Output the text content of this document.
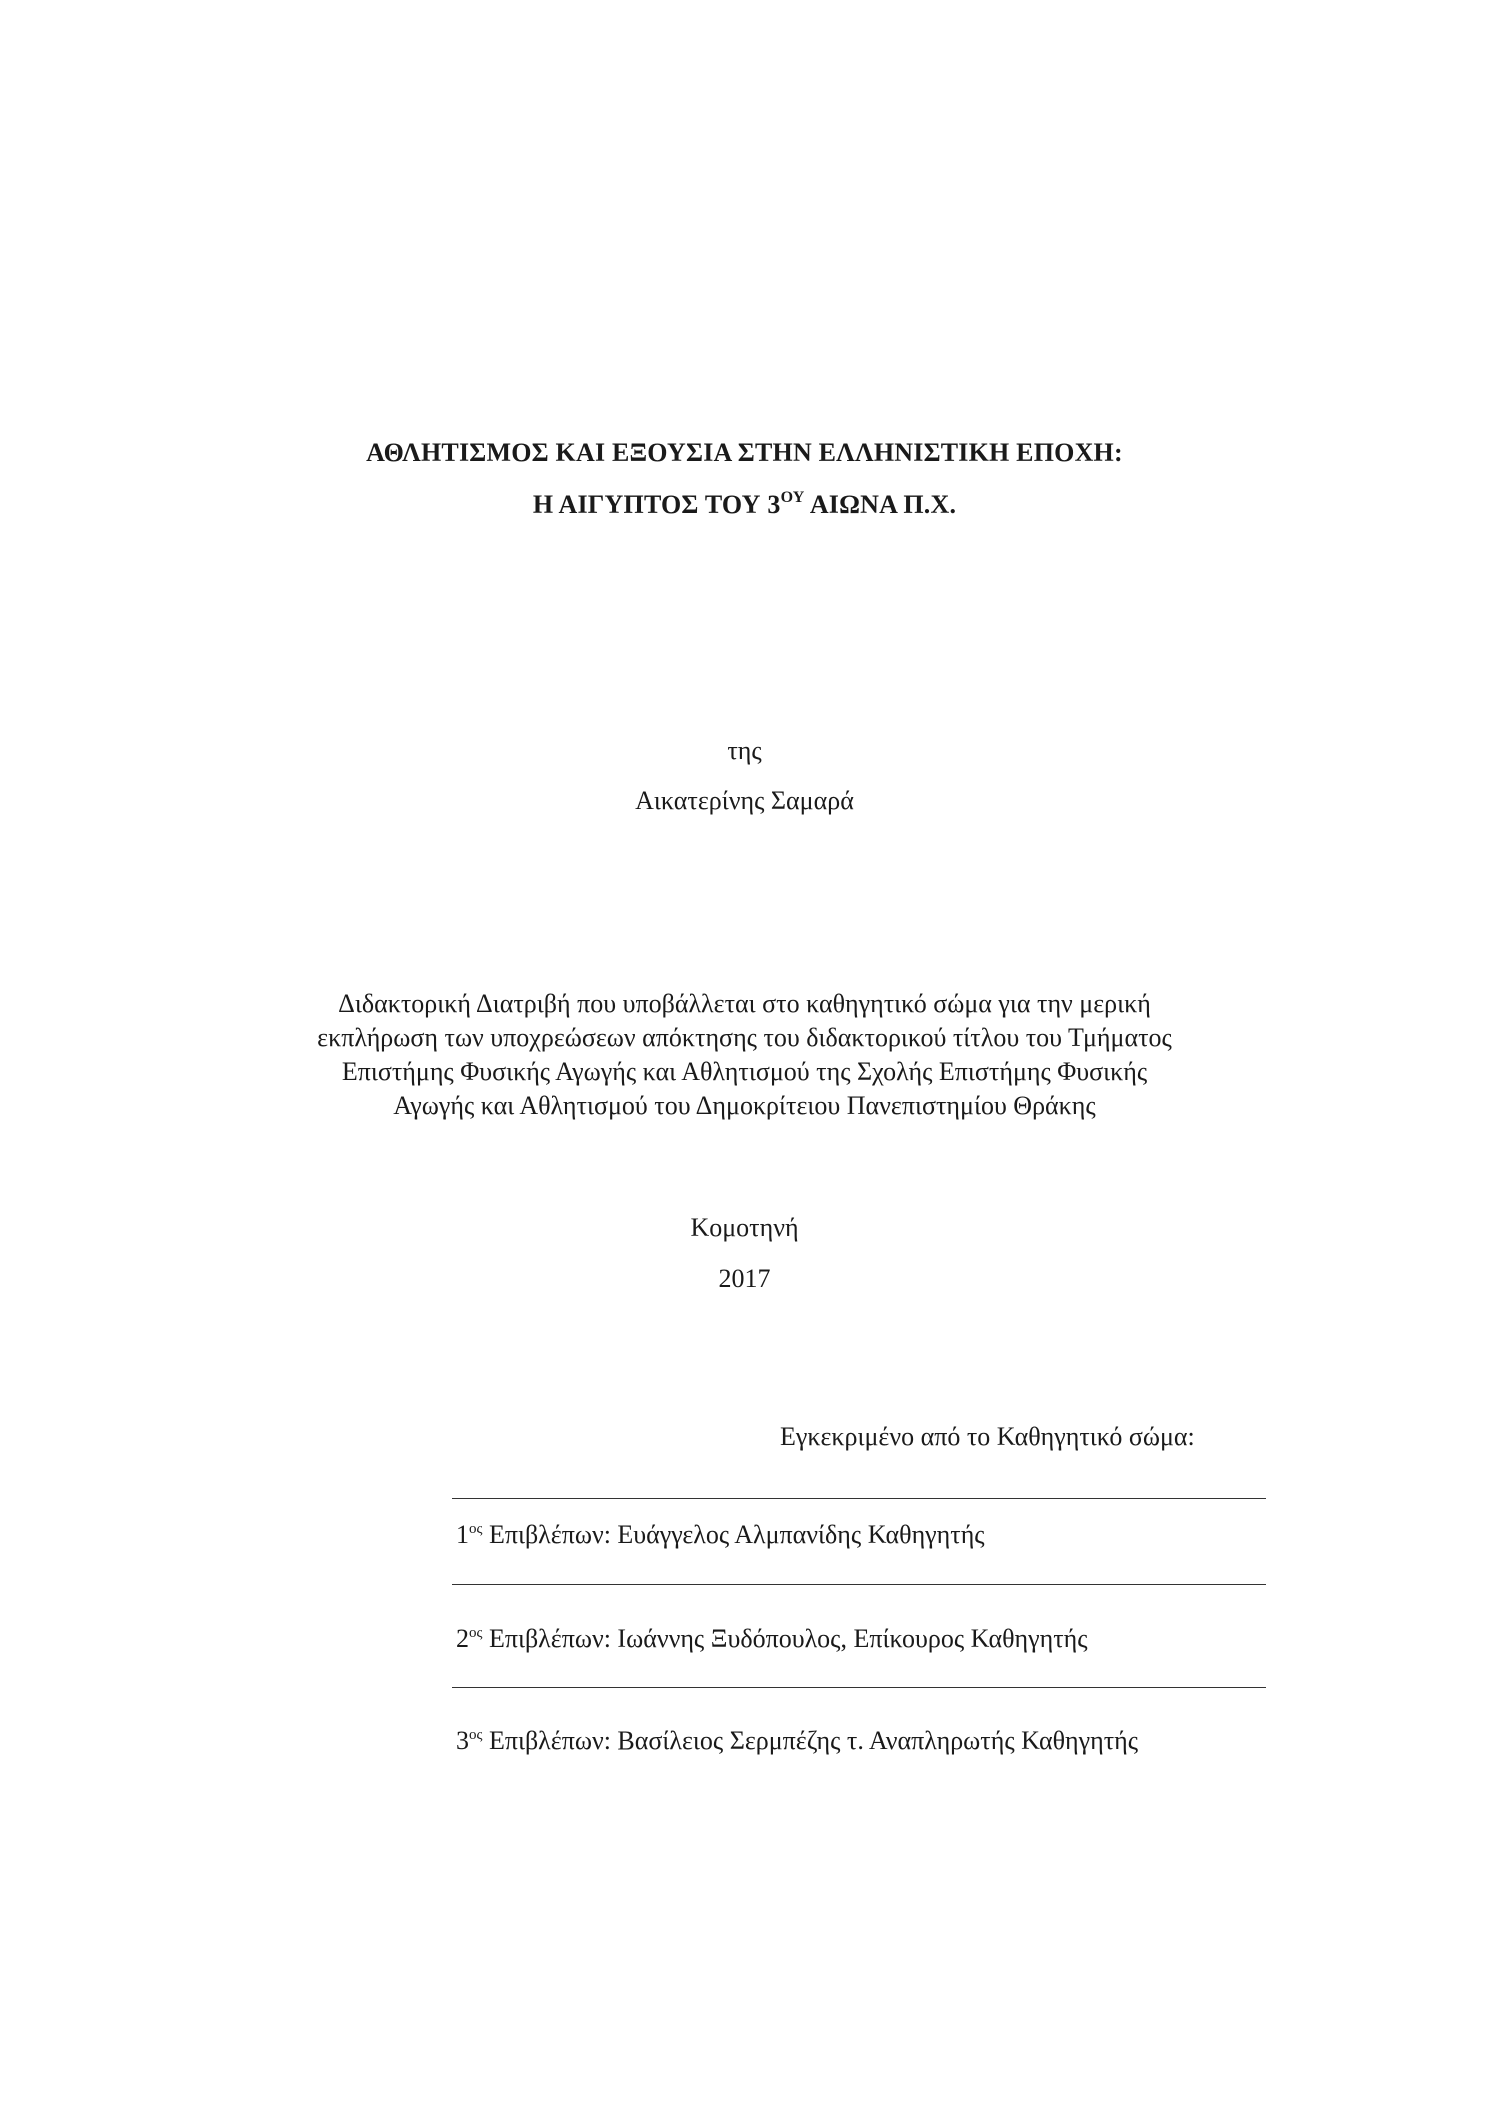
ΑΘΛΗΤΙΣΜΟΣ ΚΑΙ ΕΞΟΥΣΙΑ ΣΤΗΝ ΕΛΛΗΝΙΣΤΙΚΗ ΕΠΟΧΗ:
Η ΑΙΓΥΠΤΟΣ ΤΟΥ $3^{O\Upsilon}$ ΑΙΩΝΑ Π.Χ.
της
Αικατερίνης Σαμαρά
Διδακτορική Διατριβή που υποβάλλεται στο καθηγητικό σώμα για την μερική
εκπλήρωση των υποχρεώσεων απόκτησης του διδακτορικού τίτλου του Τμήματος
Επιστήμης Φυσικής Αγωγής και Αθλητισμού της Σχολής Επιστήμης Φυσικής
Αγωγής και Αθλητισμού του Δημοκρίτειου Πανεπιστημίου Θράκης
Κομοτηνή
2017
Εγκεκριμένο από το Καθηγητικό σώμα:
$1^{o\varsigma}$ Επιβλέπων: Ευάγγελος Αλμπανίδης Καθηγητής
$2^{o\varsigma}$ Επιβλέπων: Ιωάννης Ξυδόπουλος, Επίκουρος Καθηγητής
$3^{o\varsigma}$ Επιβλέπων: Βασίλειος Σερμπέζης τ. Αναπληρωτής Καθηγητής
